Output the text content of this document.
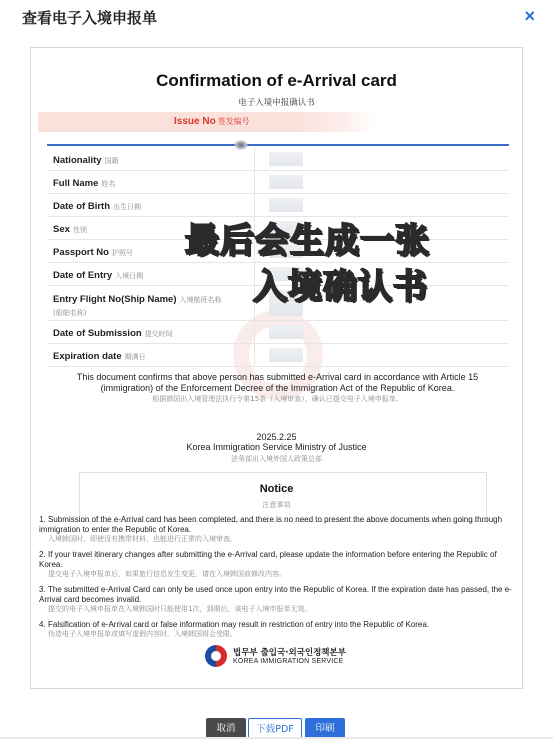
查看电子入境申报单	×
Confirmation of e-Arrival card
电子入境申报确认书
Issue No 签发编号
Nationality 国籍
Full Name 姓名
Date of Birth 出生日期
Sex 性别
Passport No 护照号
Date of Entry 入境日期
Entry Flight No(Ship Name) 入境航班名称
(船舶名称)
Date of Submission 提交时间
Expiration date 期满日
This document confirms that above person has submitted e-Arrival card in accordance with Article 15 (immigration) of the Enforcement Decree of the Immigration Act of the Republic of Korea.
根据韩国出入境管理法执行令第15条（入境审查），确认已提交电子入境申报单。
2025.2.25
Korea Immigration Service Ministry of Justice
法务部出入境外国人政策总部
Notice
注意事项
1. Submission of the e-Arrival card has been completed, and there is no need to present the above documents when going through immigration to enter the Republic of Korea.
入境韩国时，即使没有携带材料，也能进行正常的入境审查。
2. If your travel itinerary changes after submitting the e-Arrival card, please update the information before entering the Republic of Korea.
提交电子入境申报单后，如果旅行信息发生变更，请在入境韩国前修改内容。
3. The submitted e-Arrival Card can only be used once upon entry into the Republic of Korea. If the expiration date has passed, the e-Arrival card becomes invalid.
提交的电子入境申报单在入境韩国时只能使用1次，到期后，该电子入境申报单无效。
4. Falsification of e-Arrival card or false information may result in restriction of entry into the Republic of Korea.
伪造电子入境申报单或填写虚假内容时，入境韩国将会受限。
법무부 출입국·외국인정책본부
KOREA IMMIGRATION SERVICE
最后会生成一张
入境确认书
取消	下载PDF	印刷
